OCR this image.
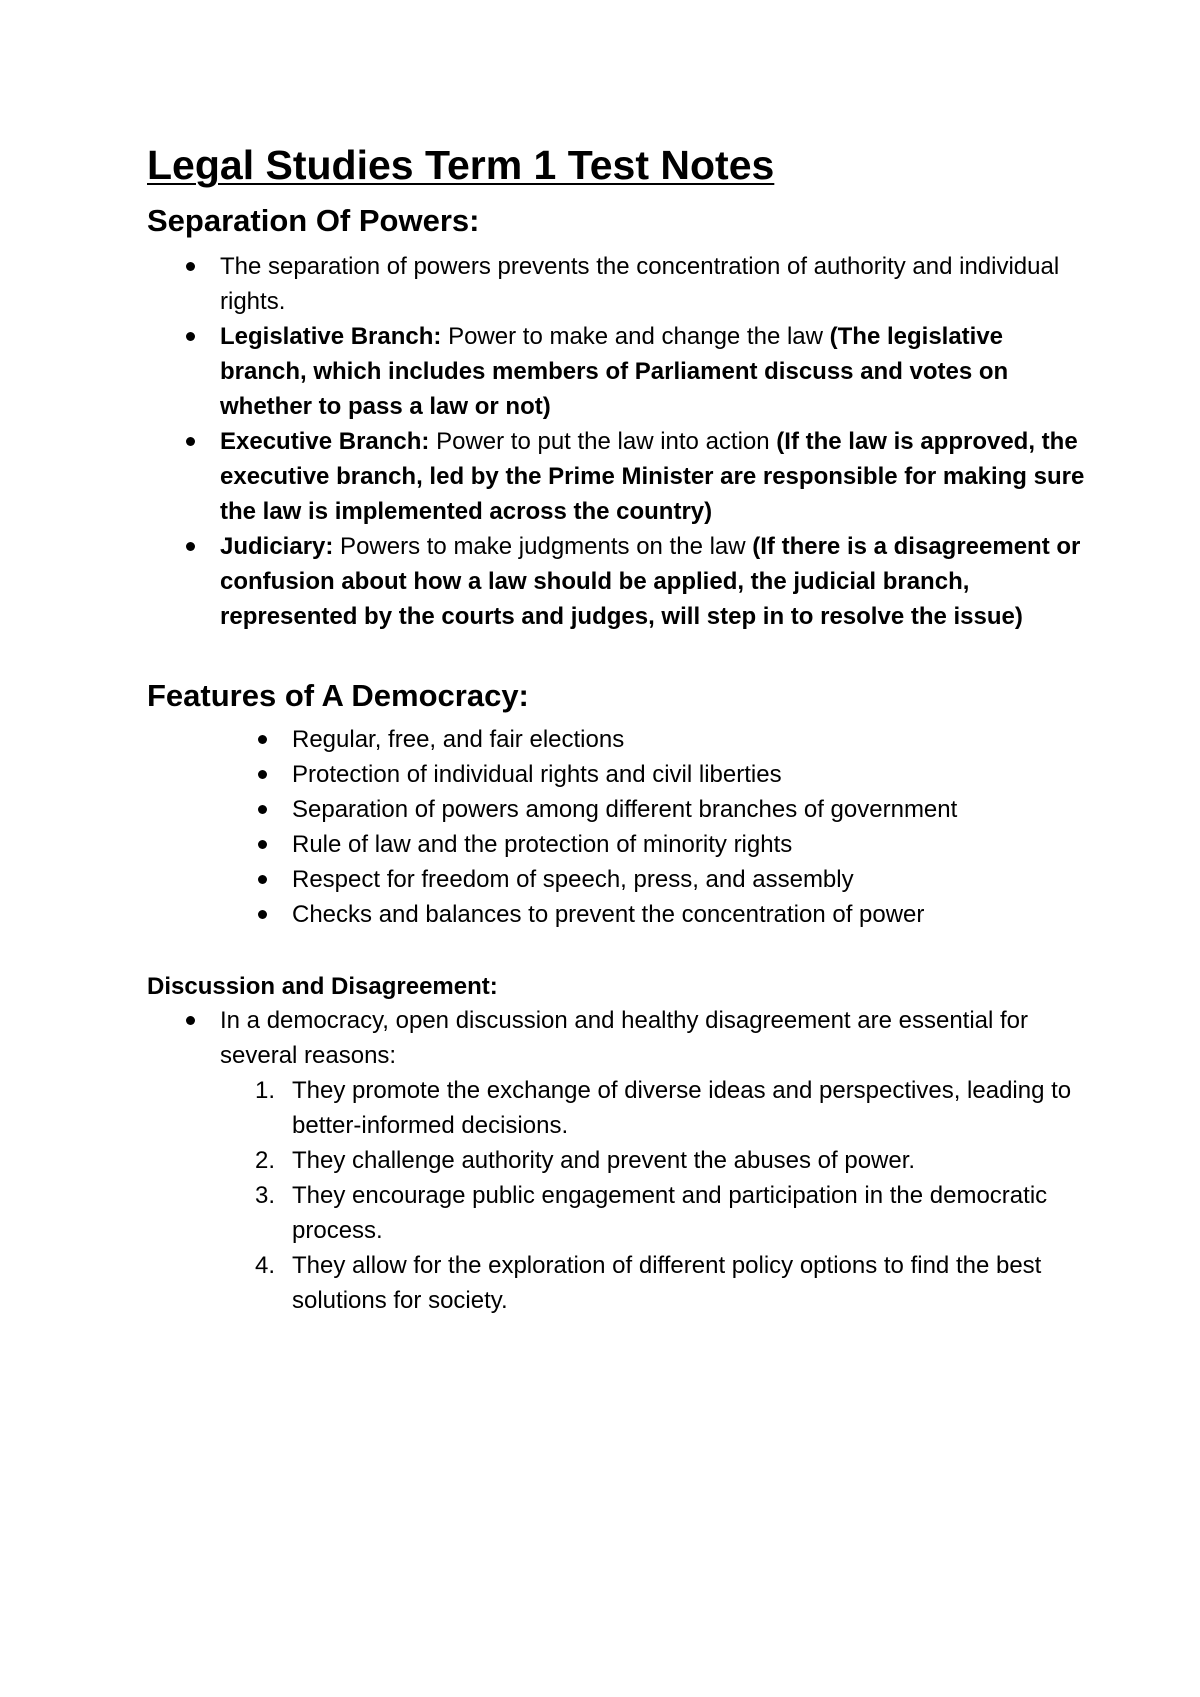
Legal Studies Term 1 Test Notes
Separation Of Powers:
The separation of powers prevents the concentration of authority and individual rights.
Legislative Branch: Power to make and change the law (The legislative branch, which includes members of Parliament discuss and votes on whether to pass a law or not)
Executive Branch: Power to put the law into action (If the law is approved, the executive branch, led by the Prime Minister are responsible for making sure the law is implemented across the country)
Judiciary: Powers to make judgments on the law (If there is a disagreement or confusion about how a law should be applied, the judicial branch, represented by the courts and judges, will step in to resolve the issue)
Features of A Democracy:
Regular, free, and fair elections
Protection of individual rights and civil liberties
Separation of powers among different branches of government
Rule of law and the protection of minority rights
Respect for freedom of speech, press, and assembly
Checks and balances to prevent the concentration of power
Discussion and Disagreement:
In a democracy, open discussion and healthy disagreement are essential for several reasons:
1. They promote the exchange of diverse ideas and perspectives, leading to better-informed decisions.
2. They challenge authority and prevent the abuses of power.
3. They encourage public engagement and participation in the democratic process.
4. They allow for the exploration of different policy options to find the best solutions for society.
